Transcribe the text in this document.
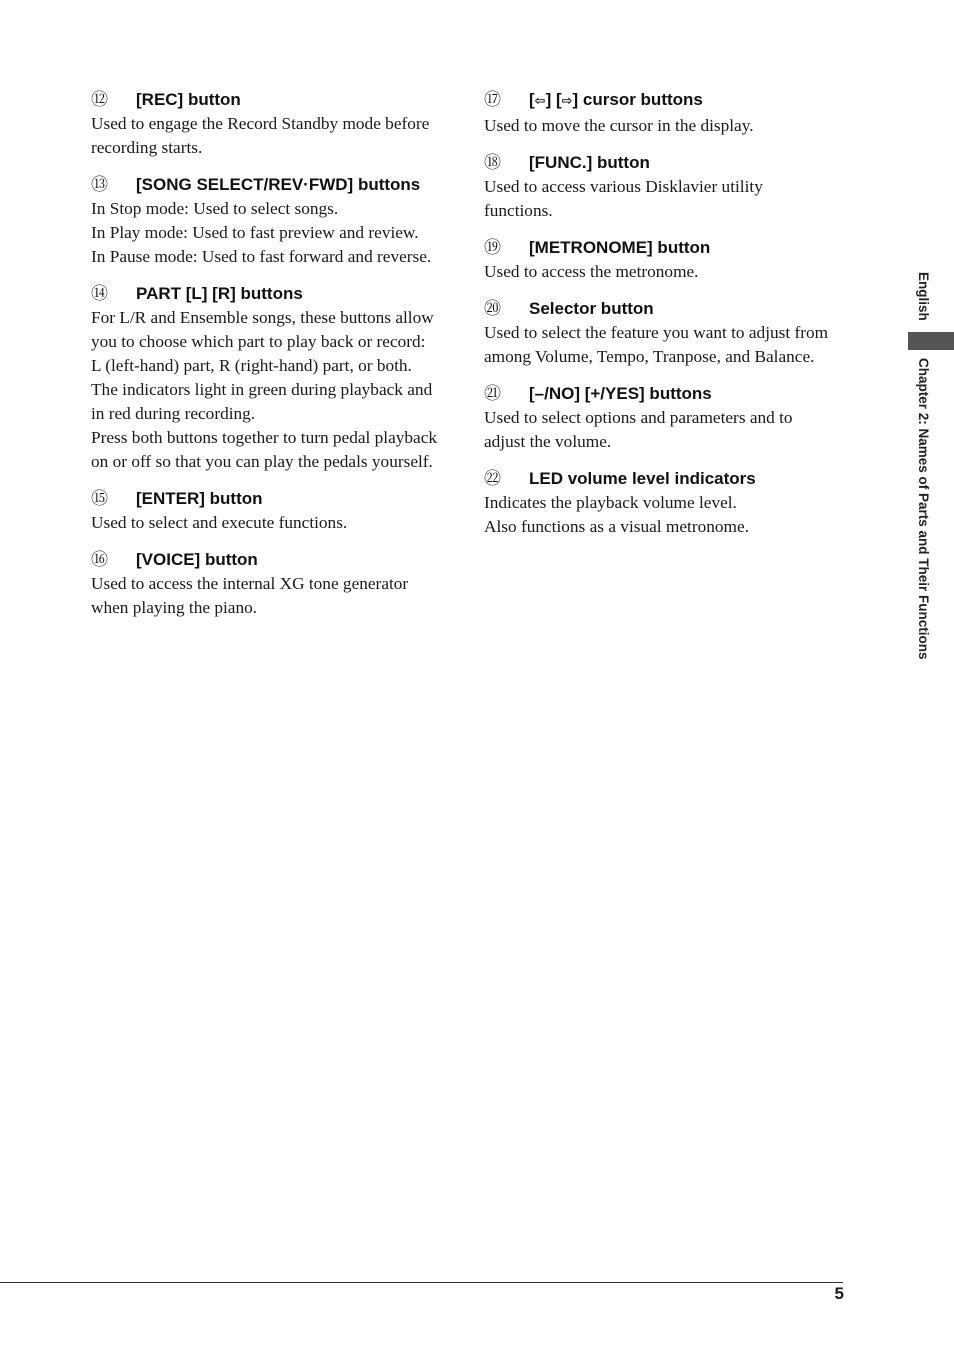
⑫	[REC] button
Used to engage the Record Standby mode before
recording starts.
⑬	[SONG SELECT/REV·FWD] buttons
In Stop mode: Used to select songs.
In Play mode: Used to fast preview and review.
In Pause mode: Used to fast forward and reverse.
⑭	PART [L] [R] buttons
For L/R and Ensemble songs, these buttons allow
you to choose which part to play back or record:
L (left-hand) part, R (right-hand) part, or both.
The indicators light in green during playback and
in red during recording.
Press both buttons together to turn pedal playback
on or off so that you can play the pedals yourself.
⑮	[ENTER] button
Used to select and execute functions.
⑯	[VOICE] button
Used to access the internal XG tone generator
when playing the piano.
⑰	[⇦] [⇨] cursor buttons
Used to move the cursor in the display.
⑱	[FUNC.] button
Used to access various Disklavier utility
functions.
⑲	[METRONOME] button
Used to access the metronome.
⑳	Selector button
Used to select the feature you want to adjust from
among Volume, Tempo, Tranpose, and Balance.
㉑	[–/NO] [+/YES] buttons
Used to select options and parameters and to
adjust the volume.
㉒	LED volume level indicators
Indicates the playback volume level.
Also functions as a visual metronome.
English
Chapter 2: Names of Parts and Their Functions
5
